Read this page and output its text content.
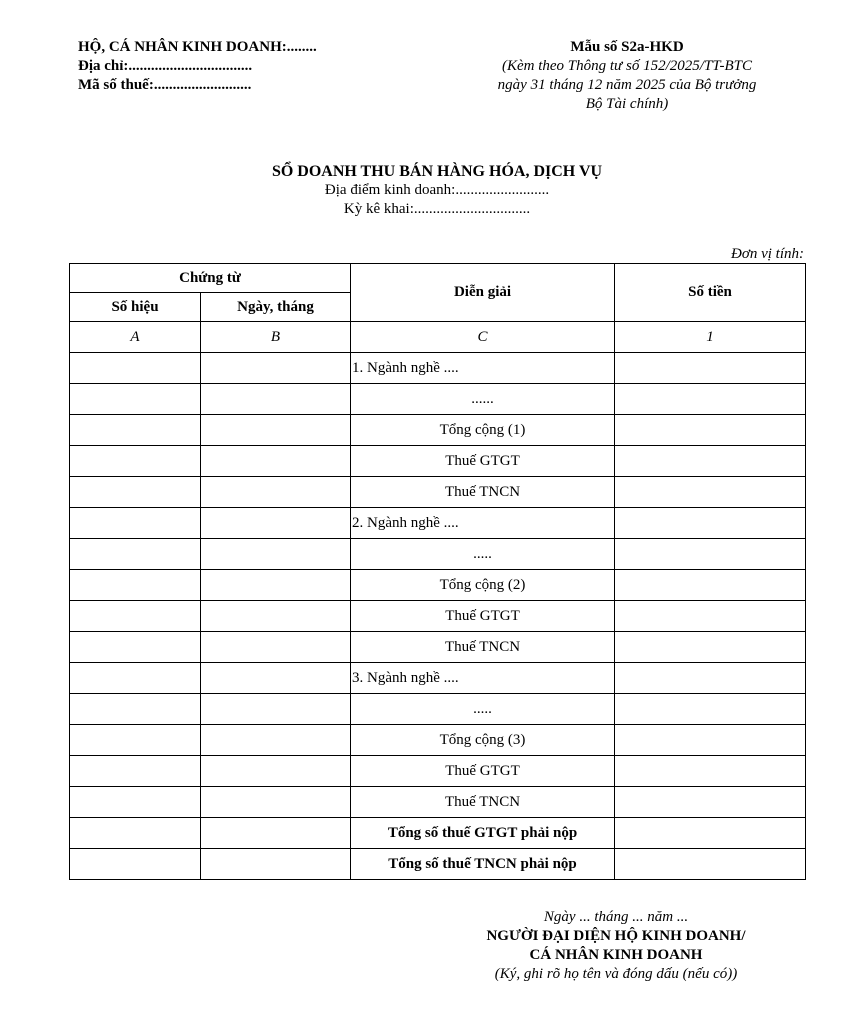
HỘ, CÁ NHÂN KINH DOANH:........
Địa chỉ:.................................
Mã số thuế:..........................
Mẫu số S2a-HKD
(Kèm theo Thông tư số 152/2025/TT-BTC
ngày 31 tháng 12 năm 2025 của Bộ trưởng
Bộ Tài chính)
SỔ DOANH THU BÁN HÀNG HÓA, DỊCH VỤ
Địa điểm kinh doanh:.........................
Kỳ kê khai:...............................
Đơn vị tính:
Chứng từ		Diễn giải	Số tiền
Số hiệu	Ngày, tháng		
A	B	C	1
		1. Ngành nghề ....	
		......	
		Tổng cộng (1)	
		Thuế GTGT	
		Thuế TNCN	
		2. Ngành nghề ....	
		.....	
		Tổng cộng (2)	
		Thuế GTGT	
		Thuế TNCN	
		3. Ngành nghề ....	
		.....	
		Tổng cộng (3)	
		Thuế GTGT	
		Thuế TNCN	
		Tổng số thuế GTGT phải nộp	
		Tổng số thuế TNCN phải nộp	
Ngày ... tháng ... năm ...
NGƯỜI ĐẠI DIỆN HỘ KINH DOANH/
CÁ NHÂN KINH DOANH
(Ký, ghi rõ họ tên và đóng dấu (nếu có))
